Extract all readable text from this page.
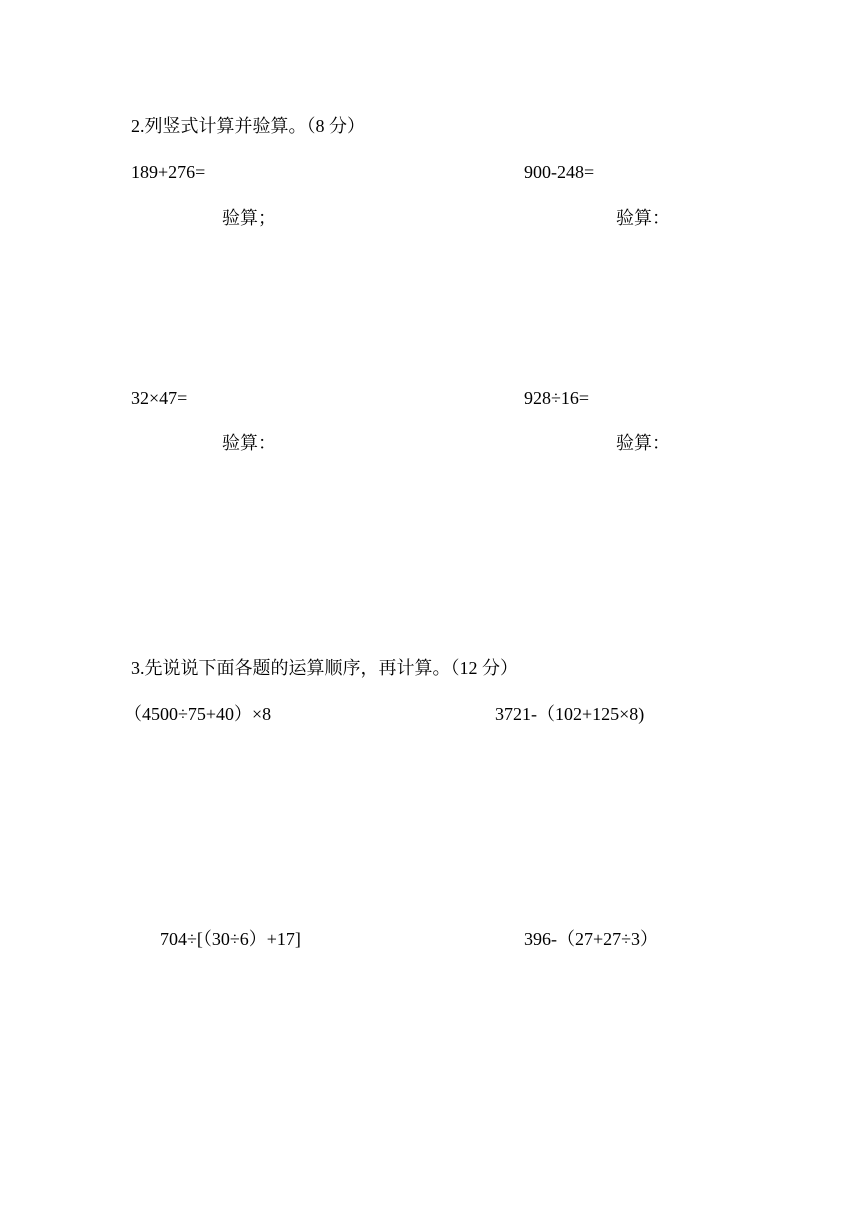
2.列竖式计算并验算。（8 分）
189+276=
验算；
900-248=
验算：
32×47=
验算：
928÷16=
验算：
3.先说说下面各题的运算顺序，再计算。（12 分）
（4500÷75+40）×8	3721-（102+125×8)
704÷[（30÷6）+17]	396-（27+27÷3）
